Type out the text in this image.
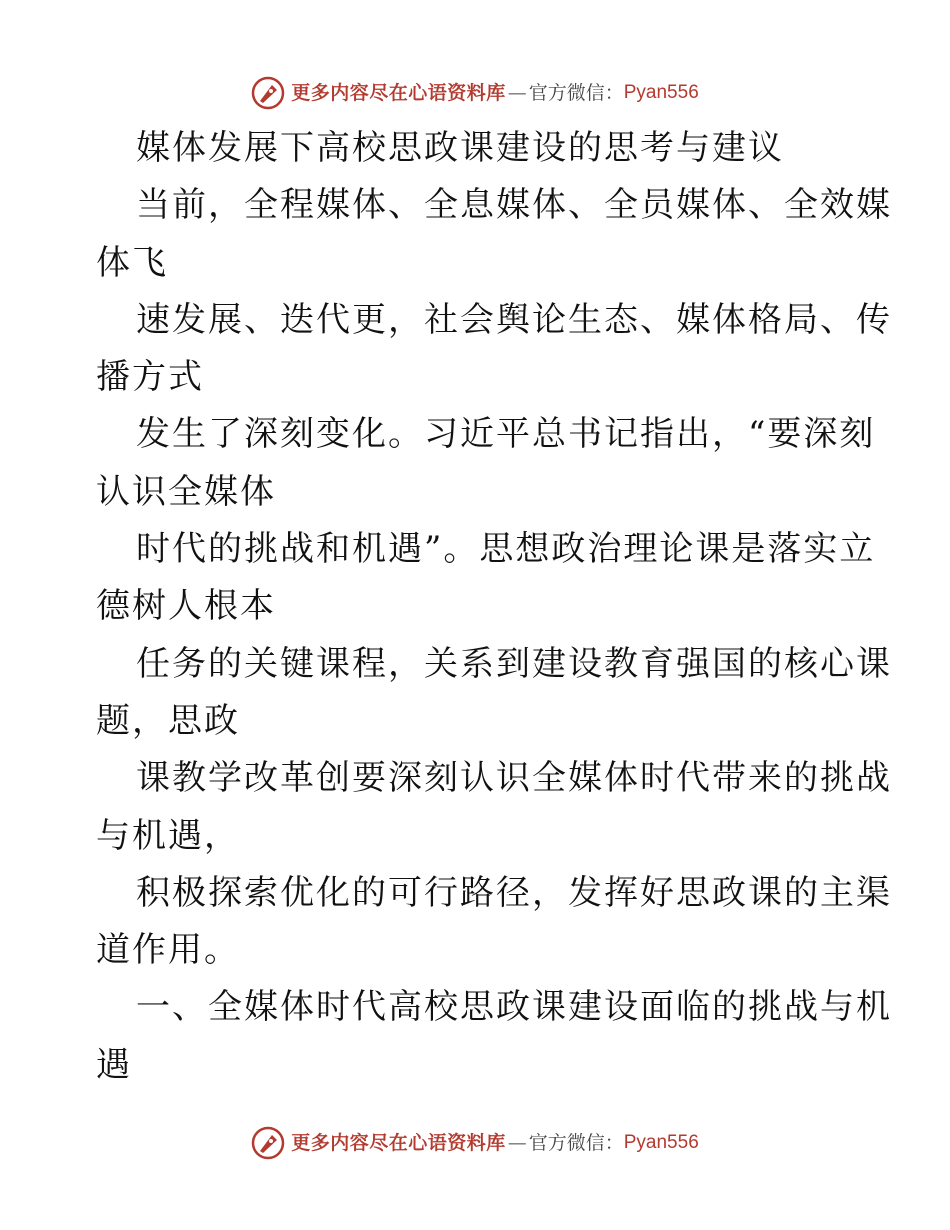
更多内容尽在心语资料库 — 官方微信： Pyan556
媒体发展下高校思政课建设的思考与建议
当前，全程媒体、全息媒体、全员媒体、全效媒
体飞
速发展、迭代更，社会舆论生态、媒体格局、传
播方式
发生了深刻变化。习近平总书记指出，“要深刻
认识全媒体
时代的挑战和机遇”。思想政治理论课是落实立
德树人根本
任务的关键课程，关系到建设教育强国的核心课
题，思政
课教学改革创要深刻认识全媒体时代带来的挑战
与机遇，
积极探索优化的可行路径，发挥好思政课的主渠
道作用。
一、全媒体时代高校思政课建设面临的挑战与机
遇
更多内容尽在心语资料库 — 官方微信： Pyan556
